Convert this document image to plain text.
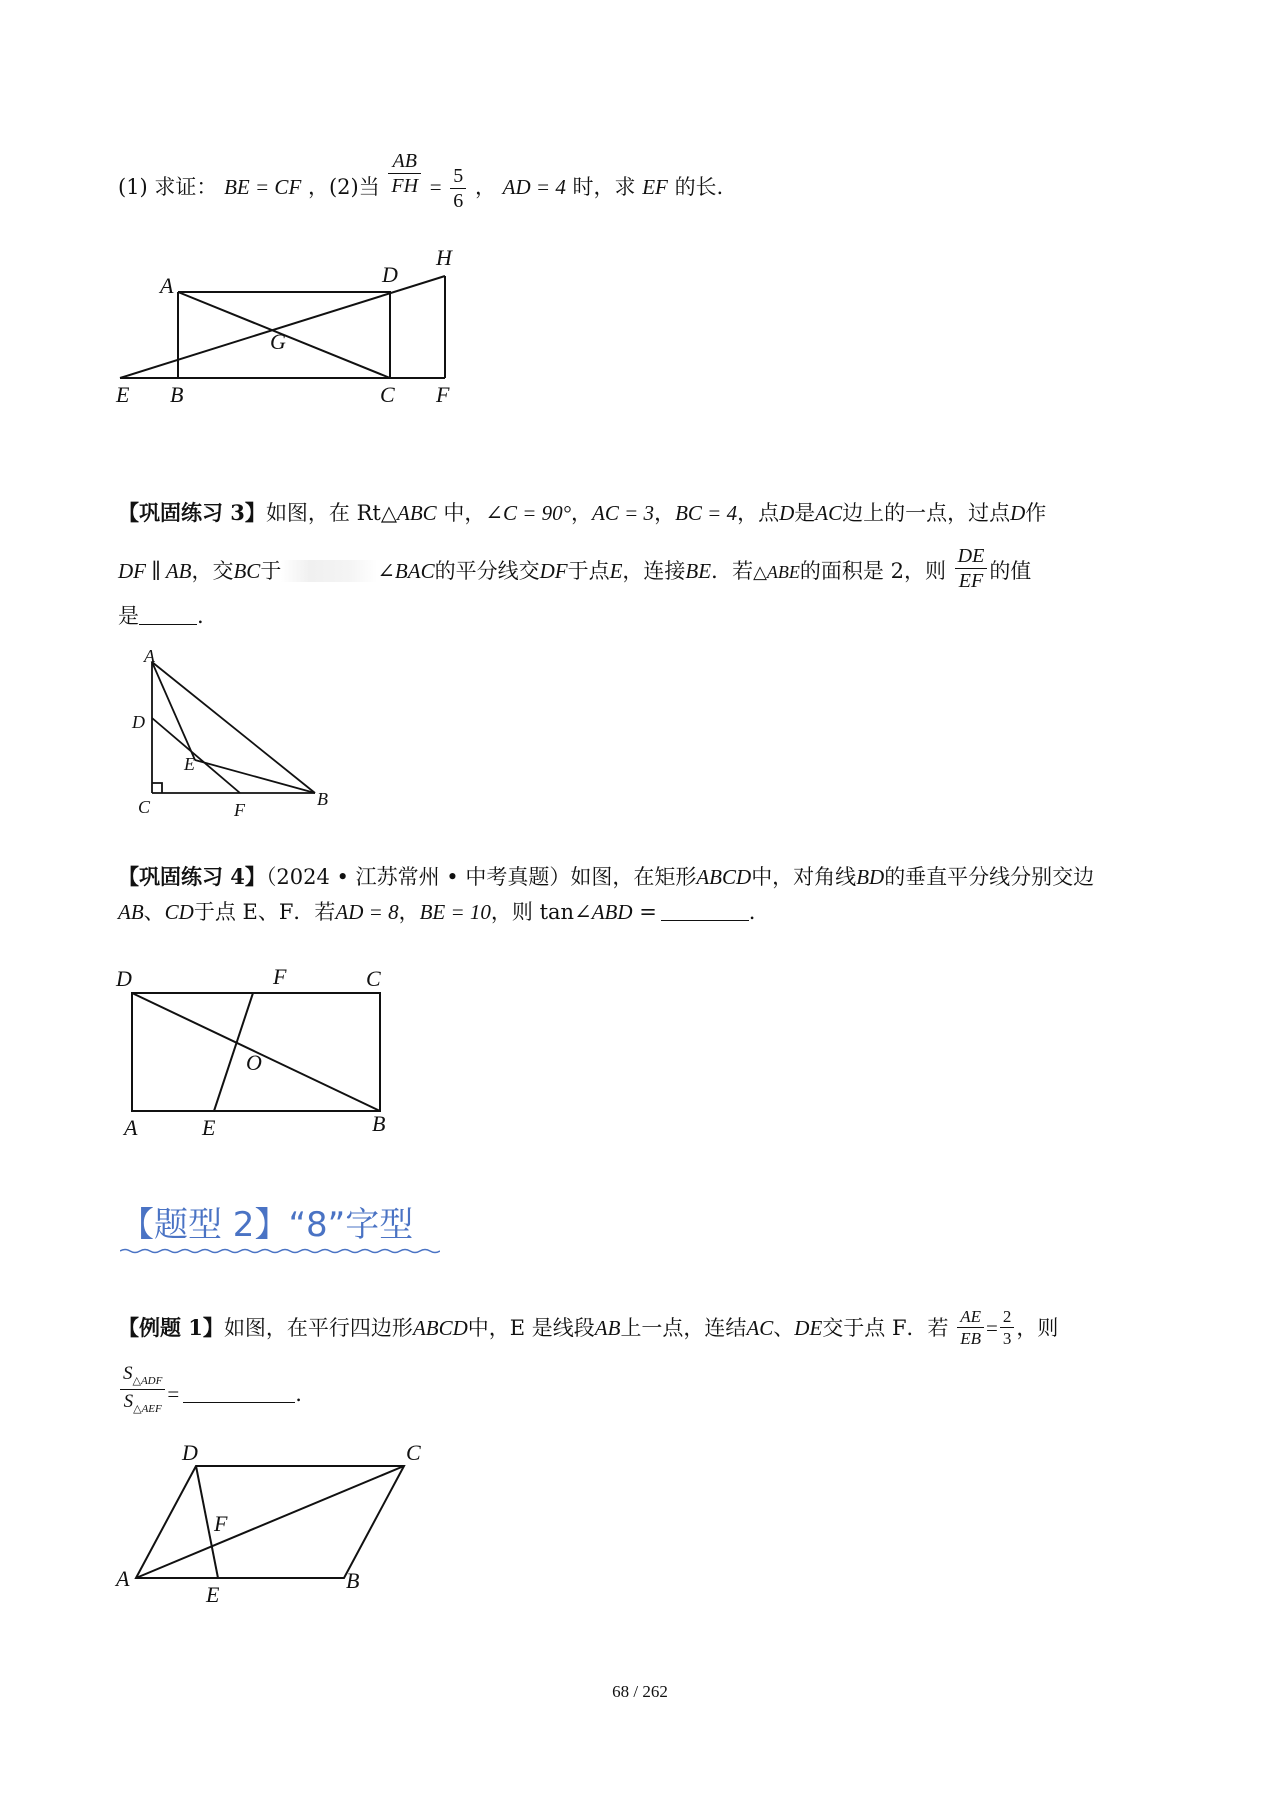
(1) 求证： BE = CF ，(2)当 $\frac{AB}{FH} = \frac{5}{6}$ ， AD = 4 时，求 EF 的长.
A	D
H
G
E B	C F
【巩固练习 3】如图，在 Rt△ABC 中，∠C = 90°，AC = 3，BC = 4，点D是AC边上的一点，过点D作
DF ∥ AB，交BC于	∠BAC的平分线交DF于点E，连接BE．若△ABE的面积是 2，则 $\frac{DE}{EF}$ 的值
是	.
A
D
E
C	F
B
【巩固练习 4】（2024 • 江苏常州 • 中考真题）如图，在矩形ABCD中，对角线BD的垂直平分线分别交边
AB、CD于点 E、F．若AD = 8，BE = 10，则 tan∠ABD =	.
D	F	C
O
A	E	B
【题型 2】“8”字型
【例题 1】如图，在平行四边形ABCD中，E 是线段AB上一点，连结AC、DE交于点 F．若 $\frac{AE}{EB} = \frac{2}{3}$ ，则
$\frac{S_{\triangle ADF}}{S_{\triangle AEF}}$ =	.
D	C
F
A
E
B
68 / 262
